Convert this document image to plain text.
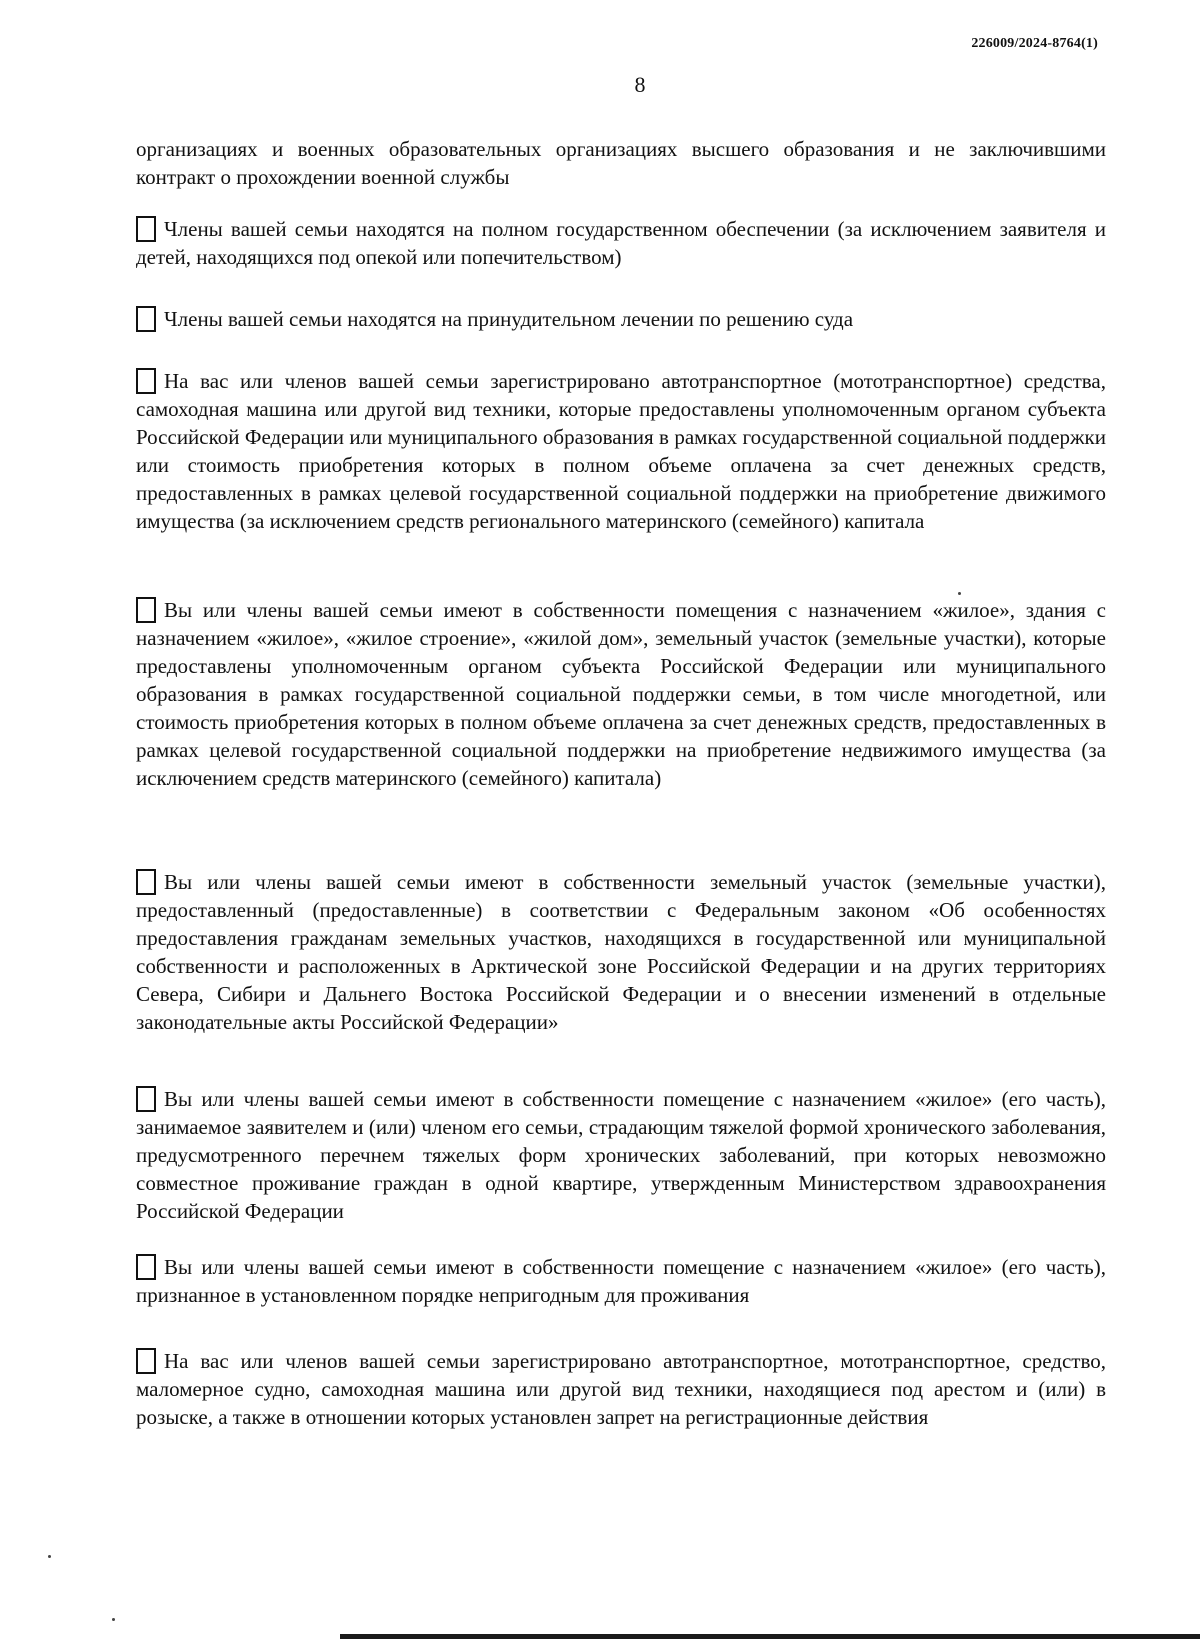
226009/2024-8764(1)
8

организациях и военных образовательных организациях высшего образования и не заключившими контракт о прохождении военной службы

Члены вашей семьи находятся на полном государственном обеспечении (за исключением заявителя и детей, находящихся под опекой или попечительством)

Члены вашей семьи находятся на принудительном лечении по решению суда

На вас или членов вашей семьи зарегистрировано автотранспортное (мототранспортное) средства, самоходная машина или другой вид техники, которые предоставлены уполномоченным органом субъекта Российской Федерации или муниципального образования в рамках государственной социальной поддержки или стоимость приобретения которых в полном объеме оплачена за счет денежных средств, предоставленных в рамках целевой государственной социальной поддержки на приобретение движимого имущества (за исключением средств регионального материнского (семейного) капитала

Вы или члены вашей семьи имеют в собственности помещения с назначением «жилое», здания с назначением «жилое», «жилое строение», «жилой дом», земельный участок (земельные участки), которые предоставлены уполномоченным органом субъекта Российской Федерации или муниципального образования в рамках государственной социальной поддержки семьи, в том числе многодетной, или стоимость приобретения которых в полном объеме оплачена за счет денежных средств, предоставленных в рамках целевой государственной социальной поддержки на приобретение недвижимого имущества (за исключением средств материнского (семейного) капитала)

Вы или члены вашей семьи имеют в собственности земельный участок (земельные участки), предоставленный (предоставленные) в соответствии с Федеральным законом «Об особенностях предоставления гражданам земельных участков, находящихся в государственной или муниципальной собственности и расположенных в Арктической зоне Российской Федерации и на других территориях Севера, Сибири и Дальнего Востока Российской Федерации и о внесении изменений в отдельные законодательные акты Российской Федерации»

Вы или члены вашей семьи имеют в собственности помещение с назначением «жилое» (его часть), занимаемое заявителем и (или) членом его семьи, страдающим тяжелой формой хронического заболевания, предусмотренного перечнем тяжелых форм хронических заболеваний, при которых невозможно совместное проживание граждан в одной квартире, утвержденным Министерством здравоохранения Российской Федерации

Вы или члены вашей семьи имеют в собственности помещение с назначением «жилое» (его часть), признанное в установленном порядке непригодным для проживания

На вас или членов вашей семьи зарегистрировано автотранспортное, мототранспортное, средство, маломерное судно, самоходная машина или другой вид техники, находящиеся под арестом и (или) в розыске, а также в отношении которых установлен запрет на регистрационные действия
